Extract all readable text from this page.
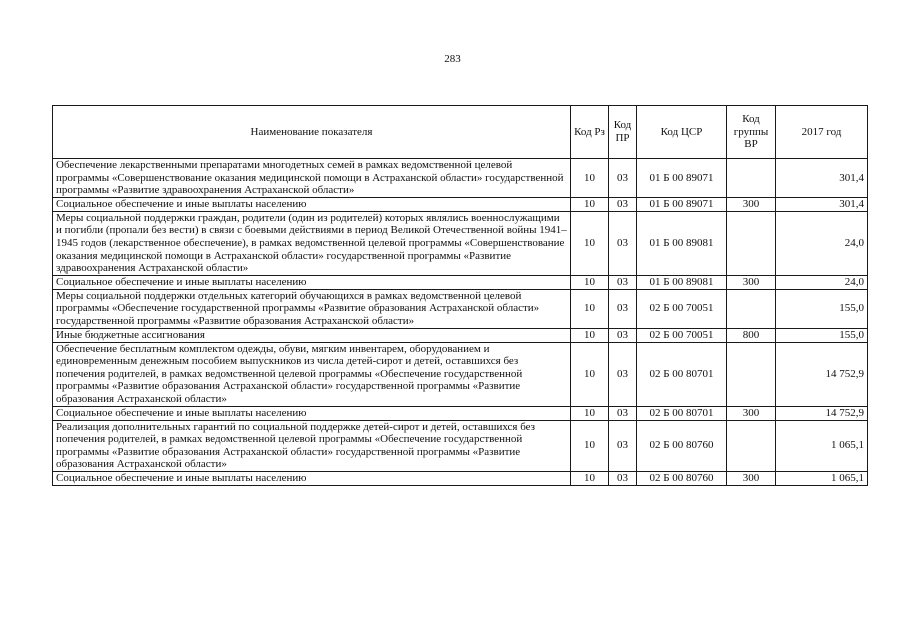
283
Наименование показателя	Код Рз	Код ПР	Код ЦСР	Код группы ВР	2017 год
Обеспечение лекарственными препаратами многодетных семей в рамках ведомственной целевой программы «Совершенствование оказания медицинской помощи в Астраханской области» государственной программы «Развитие здравоохранения Астраханской области»	10	03	01 Б 00 89071		301,4
Социальное обеспечение и иные выплаты населению	10	03	01 Б 00 89071	300	301,4
Меры социальной поддержки граждан, родители (один из родителей) которых являлись военнослужащими и погибли (пропали без вести) в связи с боевыми действиями в период Великой Отечественной войны 1941–1945 годов (лекарственное обеспечение), в рамках ведомственной целевой программы «Совершенствование оказания медицинской помощи в Астраханской области» государственной программы «Развитие здравоохранения Астраханской области»	10	03	01 Б 00 89081		24,0
Социальное обеспечение и иные выплаты населению	10	03	01 Б 00 89081	300	24,0
Меры социальной поддержки отдельных категорий обучающихся в рамках ведомственной целевой программы «Обеспечение государственной программы «Развитие образования Астраханской области» государственной программы «Развитие образования Астраханской области»	10	03	02 Б 00 70051		155,0
Иные бюджетные ассигнования	10	03	02 Б 00 70051	800	155,0
Обеспечение бесплатным комплектом одежды, обуви, мягким инвентарем, оборудованием и единовременным денежным пособием выпускников из числа детей-сирот и детей, оставшихся без попечения родителей, в рамках ведомственной целевой программы «Обеспечение государственной программы «Развитие образования Астраханской области» государственной программы «Развитие образования Астраханской области»	10	03	02 Б 00 80701		14 752,9
Социальное обеспечение и иные выплаты населению	10	03	02 Б 00 80701	300	14 752,9
Реализация дополнительных гарантий по социальной поддержке детей-сирот и детей, оставшихся без попечения родителей, в рамках ведомственной целевой программы «Обеспечение государственной программы «Развитие образования Астраханской области» государственной программы «Развитие образования Астраханской области»	10	03	02 Б 00 80760		1 065,1
Социальное обеспечение и иные выплаты населению	10	03	02 Б 00 80760	300	1 065,1
